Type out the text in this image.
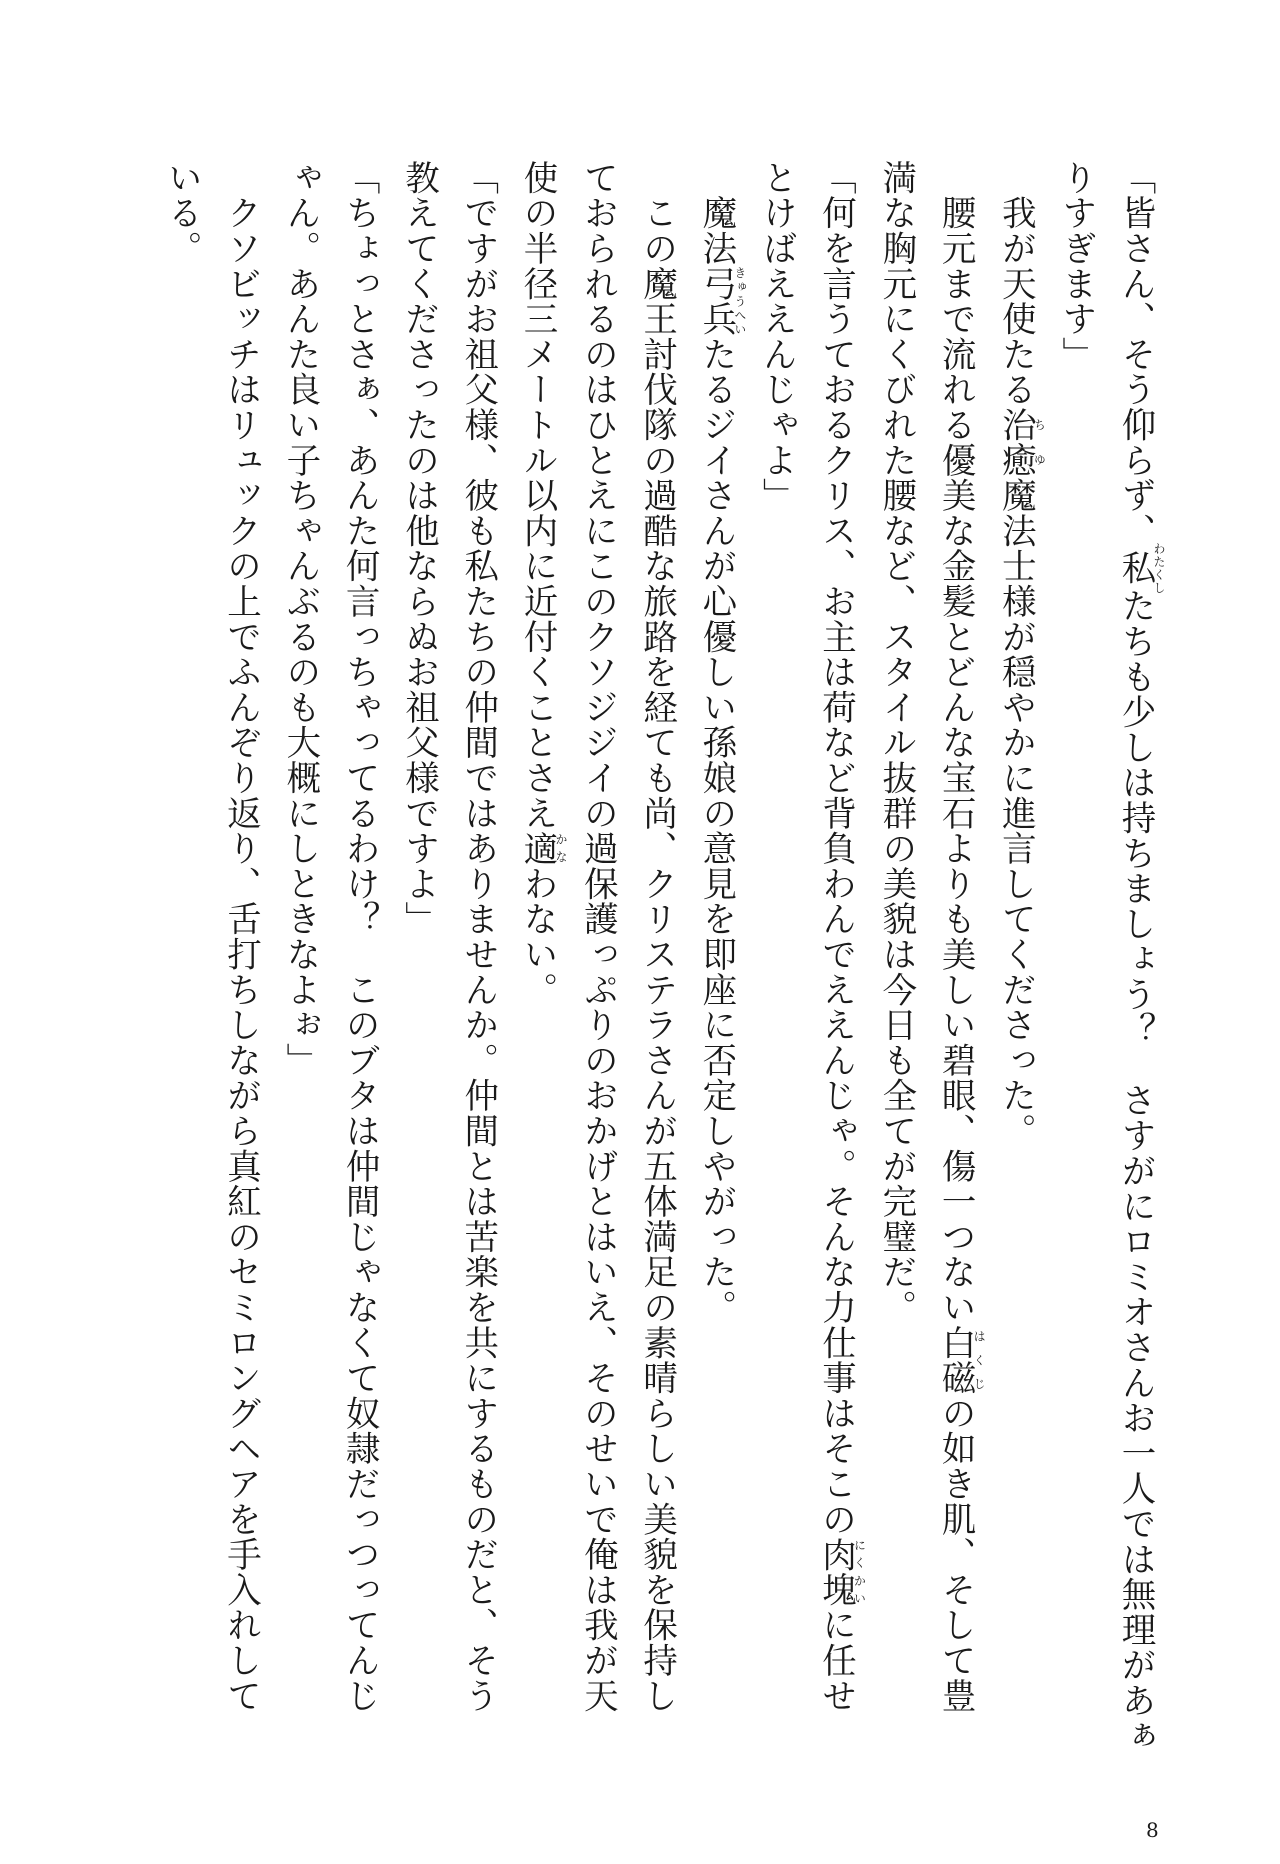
「皆さん、そう仰らず、私わたくしたちも少しは持ちましょう？　さすがにロミオさんお一人では無理があぁ
りすぎます」
　我が天使たる治癒ちゆ魔法士様が穏やかに進言してくださった。
　腰元まで流れる優美な金髪とどんな宝石よりも美しい碧眼、傷一つない白磁はくじの如き肌、そして豊
満な胸元にくびれた腰など、スタイル抜群の美貌は今日も全てが完璧だ。
「何を言うておるクリス、お主は荷など背負わんでええんじゃ。そんな力仕事はそこの肉塊にくかいに任せ
とけばええんじゃよ」
　魔法弓兵きゅうへいたるジイさんが心優しい孫娘の意見を即座に否定しやがった。
　この魔王討伐隊の過酷な旅路を経ても尚、クリステラさんが五体満足の素晴らしい美貌を保持し
ておられるのはひとえにこのクソジジイの過保護っぷりのおかげとはいえ、そのせいで俺は我が天
使の半径三メートル以内に近付くことさえ適かなわない。
「ですがお祖父様、彼も私たちの仲間ではありませんか。仲間とは苦楽を共にするものだと、そう
教えてくださったのは他ならぬお祖父様ですよ」
「ちょっとさぁ、あんた何言っちゃってるわけ？　このブタは仲間じゃなくて奴隷だっつってんじ
ゃん。あんた良い子ちゃんぶるのも大概にしときなよぉ」
　クソビッチはリュックの上でふんぞり返り、舌打ちしながら真紅のセミロングヘアを手入れして
いる。
8
